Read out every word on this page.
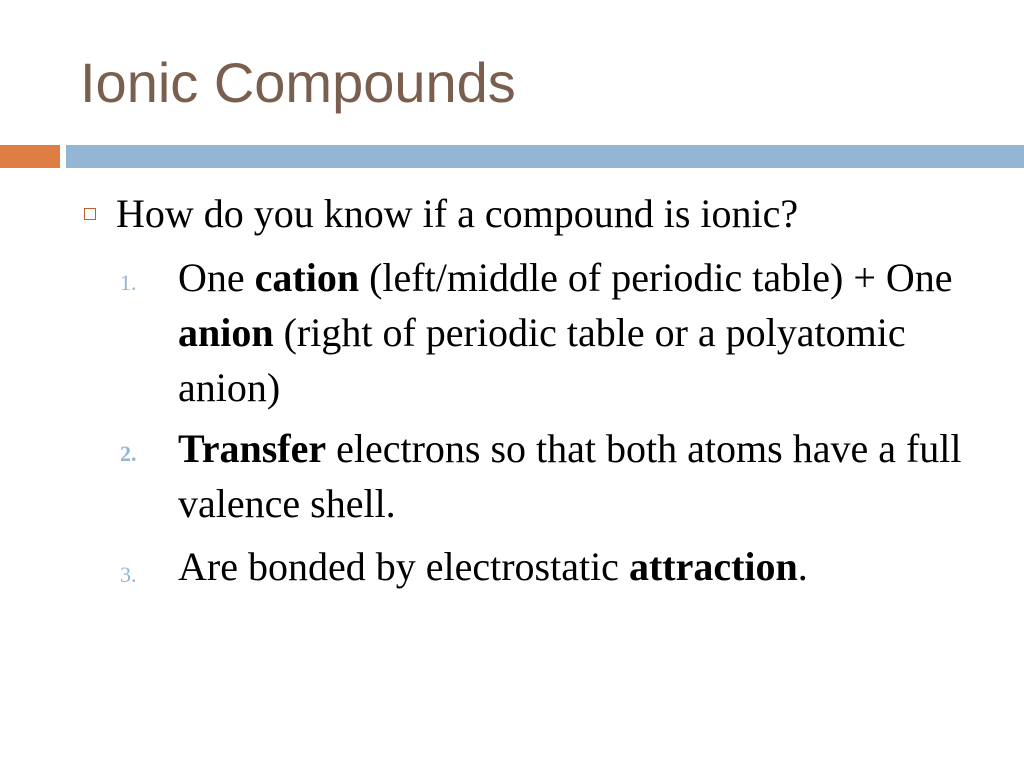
Ionic Compounds
How do you know if a compound is ionic?
1. One cation (left/middle of periodic table) + One anion (right of periodic table or a polyatomic anion)
2. Transfer electrons so that both atoms have a full valence shell.
3. Are bonded by electrostatic attraction.
